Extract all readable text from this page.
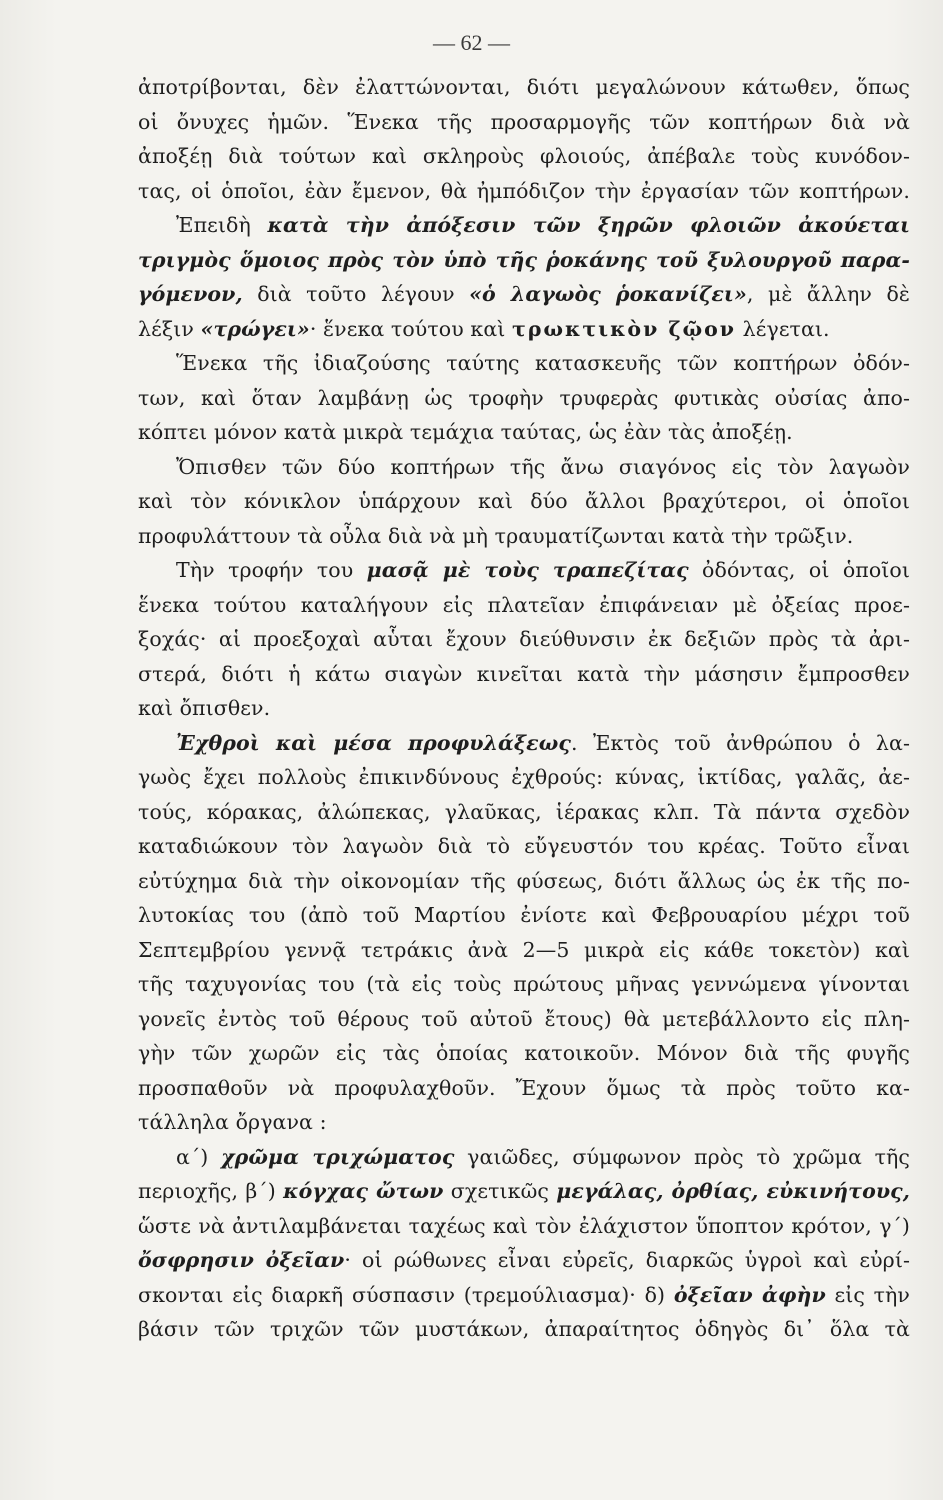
— 62 —
ἀποτρίβονται, δὲν ἐλαττώνονται, διότι μεγαλώνουν κάτωθεν, ὅπως
οἱ ὄνυχες ἡμῶν. Ἕνεκα τῆς προσαρμογῆς τῶν κοπτήρων διὰ νὰ
ἀποξέῃ διὰ τούτων καὶ σκληροὺς φλοιούς, ἀπέβαλε τοὺς κυνόδον-
τας, οἱ ὁποῖοι, ἐὰν ἔμενον, θὰ ἠμπόδιζον τὴν ἐργασίαν τῶν κοπτήρων.
Ἐπειδὴ κατὰ τὴν ἀπόξεσιν τῶν ξηρῶν φλοιῶν ἀκούεται
τριγμὸς ὅμοιος πρὸς τὸν ὑπὸ τῆς ῥοκάνης τοῦ ξυλουργοῦ παρα-
γόμενον, διὰ τοῦτο λέγουν «ὁ λαγωὸς ῥοκανίζει», μὲ ἄλλην δὲ
λέξιν «τρώγει»· ἕνεκα τούτου καὶ τρωκτικὸν ζῷον λέγεται.
Ἕνεκα τῆς ἰδιαζούσης ταύτης κατασκευῆς τῶν κοπτήρων ὀδόν-
των, καὶ ὅταν λαμβάνῃ ὡς τροφὴν τρυφερὰς φυτικὰς οὐσίας ἀπο-
κόπτει μόνον κατὰ μικρὰ τεμάχια ταύτας, ὡς ἐὰν τὰς ἀποξέῃ.
Ὄπισθεν τῶν δύο κοπτήρων τῆς ἄνω σιαγόνος εἰς τὸν λαγωὸν
καὶ τὸν κόνικλον ὑπάρχουν καὶ δύο ἄλλοι βραχύτεροι, οἱ ὁποῖοι
προφυλάττουν τὰ οὖλα διὰ νὰ μὴ τραυματίζωνται κατὰ τὴν τρῶξιν.
Τὴν τροφήν του μασᾷ μὲ τοὺς τραπεζίτας ὀδόντας, οἱ ὁποῖοι
ἕνεκα τούτου καταλήγουν εἰς πλατεῖαν ἐπιφάνειαν μὲ ὀξείας προε-
ξοχάς· αἱ προεξοχαὶ αὗται ἔχουν διεύθυνσιν ἐκ δεξιῶν πρὸς τὰ ἀρι-
στερά, διότι ἡ κάτω σιαγὼν κινεῖται κατὰ τὴν μάσησιν ἔμπροσθεν
καὶ ὄπισθεν.
Ἐχθροὶ καὶ μέσα προφυλάξεως. Ἐκτὸς τοῦ ἀνθρώπου ὁ λα-
γωὸς ἔχει πολλοὺς ἐπικινδύνους ἐχθρούς: κύνας, ἰκτίδας, γαλᾶς, ἀε-
τούς, κόρακας, ἀλώπεκας, γλαῦκας, ἱέρακας κλπ. Τὰ πάντα σχεδὸν
καταδιώκουν τὸν λαγωὸν διὰ τὸ εὔγευστόν του κρέας. Τοῦτο εἶναι
εὐτύχημα διὰ τὴν οἰκονομίαν τῆς φύσεως, διότι ἄλλως ὡς ἐκ τῆς πο-
λυτοκίας του (ἀπὸ τοῦ Μαρτίου ἐνίοτε καὶ Φεβρουαρίου μέχρι τοῦ
Σεπτεμβρίου γεννᾷ τετράκις ἀνὰ 2—5 μικρὰ εἰς κάθε τοκετὸν) καὶ
τῆς ταχυγονίας του (τὰ εἰς τοὺς πρώτους μῆνας γεννώμενα γίνονται
γονεῖς ἐντὸς τοῦ θέρους τοῦ αὐτοῦ ἔτους) θὰ μετεβάλλοντο εἰς πλη-
γὴν τῶν χωρῶν εἰς τὰς ὁποίας κατοικοῦν. Μόνον διὰ τῆς φυγῆς
προσπαθοῦν νὰ προφυλαχθοῦν. Ἔχουν ὅμως τὰ πρὸς τοῦτο κα-
τάλληλα ὄργανα :
α΄) χρῶμα τριχώματος γαιῶδες, σύμφωνον πρὸς τὸ χρῶμα τῆς
περιοχῆς, β΄) κόγχας ὤτων σχετικῶς μεγάλας, ὀρθίας, εὐκινήτους,
ὥστε νὰ ἀντιλαμβάνεται ταχέως καὶ τὸν ἐλάχιστον ὕποπτον κρότον, γ΄)
ὄσφρησιν ὀξεῖαν· οἱ ρώθωνες εἶναι εὐρεῖς, διαρκῶς ὑγροὶ καὶ εὐρί-
σκονται εἰς διαρκῆ σύσπασιν (τρεμούλιασμα)· δ) ὀξεῖαν ἀφὴν εἰς τὴν
βάσιν τῶν τριχῶν τῶν μυστάκων, ἀπαραίτητος ὁδηγὸς δι᾿ ὅλα τὰ
